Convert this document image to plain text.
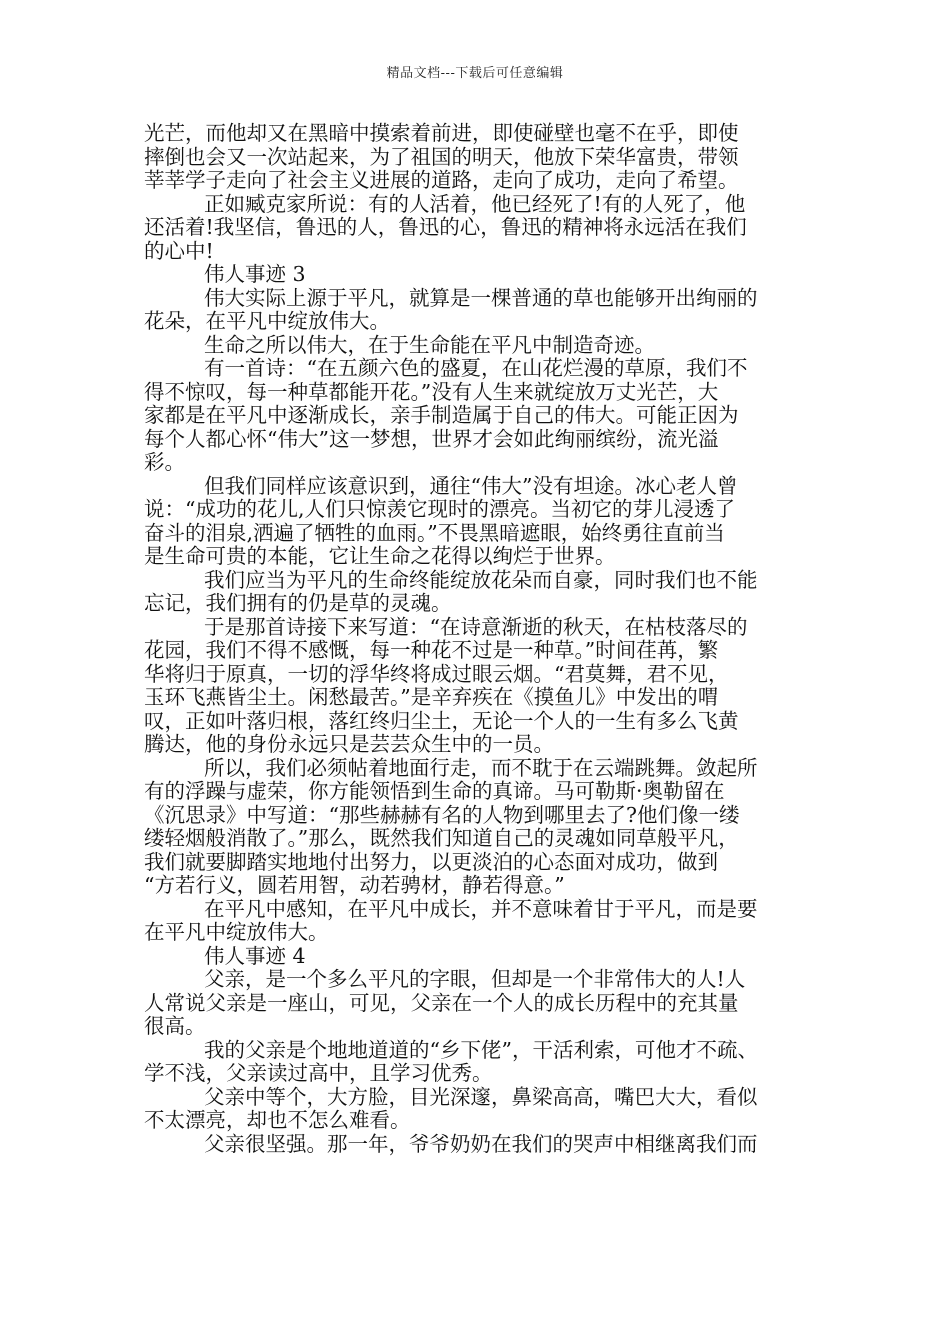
精品文档---下载后可任意编辑
光芒，而他却又在黑暗中摸索着前进，即使碰壁也毫不在乎，即使
摔倒也会又一次站起来，为了祖国的明天，他放下荣华富贵，带领
莘莘学子走向了社会主义进展的道路，走向了成功，走向了希望。
正如臧克家所说：有的人活着，他已经死了!有的人死了，他
还活着!我坚信，鲁迅的人，鲁迅的心，鲁迅的精神将永远活在我们
的心中!
伟人事迹 3
伟大实际上源于平凡，就算是一棵普通的草也能够开出绚丽的
花朵，在平凡中绽放伟大。
生命之所以伟大，在于生命能在平凡中制造奇迹。
有一首诗：“在五颜六色的盛夏，在山花烂漫的草原，我们不
得不惊叹，每一种草都能开花。”没有人生来就绽放万丈光芒，大
家都是在平凡中逐渐成长，亲手制造属于自己的伟大。可能正因为
每个人都心怀“伟大”这一梦想，世界才会如此绚丽缤纷，流光溢
彩。
但我们同样应该意识到，通往“伟大”没有坦途。冰心老人曾
说：“成功的花儿,人们只惊羡它现时的漂亮。当初它的芽儿浸透了
奋斗的泪泉,洒遍了牺牲的血雨。”不畏黑暗遮眼，始终勇往直前当
是生命可贵的本能，它让生命之花得以绚烂于世界。
我们应当为平凡的生命终能绽放花朵而自豪，同时我们也不能
忘记，我们拥有的仍是草的灵魂。
于是那首诗接下来写道：“在诗意渐逝的秋天，在枯枝落尽的
花园，我们不得不感慨，每一种花不过是一种草。”时间荏苒，繁
华将归于原真，一切的浮华终将成过眼云烟。“君莫舞，君不见，
玉环飞燕皆尘土。闲愁最苦。”是辛弃疾在《摸鱼儿》中发出的喟
叹，正如叶落归根，落红终归尘土，无论一个人的一生有多么飞黄
腾达，他的身份永远只是芸芸众生中的一员。
所以，我们必须帖着地面行走，而不耽于在云端跳舞。敛起所
有的浮躁与虚荣，你方能领悟到生命的真谛。马可勒斯·奥勒留在
《沉思录》中写道：“那些赫赫有名的人物到哪里去了?他们像一缕
缕轻烟般消散了。”那么，既然我们知道自己的灵魂如同草般平凡，
我们就要脚踏实地地付出努力，以更淡泊的心态面对成功，做到
“方若行义，圆若用智，动若骋材，静若得意。”
在平凡中感知，在平凡中成长，并不意味着甘于平凡，而是要
在平凡中绽放伟大。
伟人事迹 4
父亲，是一个多么平凡的字眼，但却是一个非常伟大的人!人
人常说父亲是一座山，可见，父亲在一个人的成长历程中的充其量
很高。
我的父亲是个地地道道的“乡下佬”，干活利索，可他才不疏、
学不浅，父亲读过高中，且学习优秀。
父亲中等个，大方脸，目光深邃，鼻梁高高，嘴巴大大，看似
不太漂亮，却也不怎么难看。
父亲很坚强。那一年，爷爷奶奶在我们的哭声中相继离我们而
